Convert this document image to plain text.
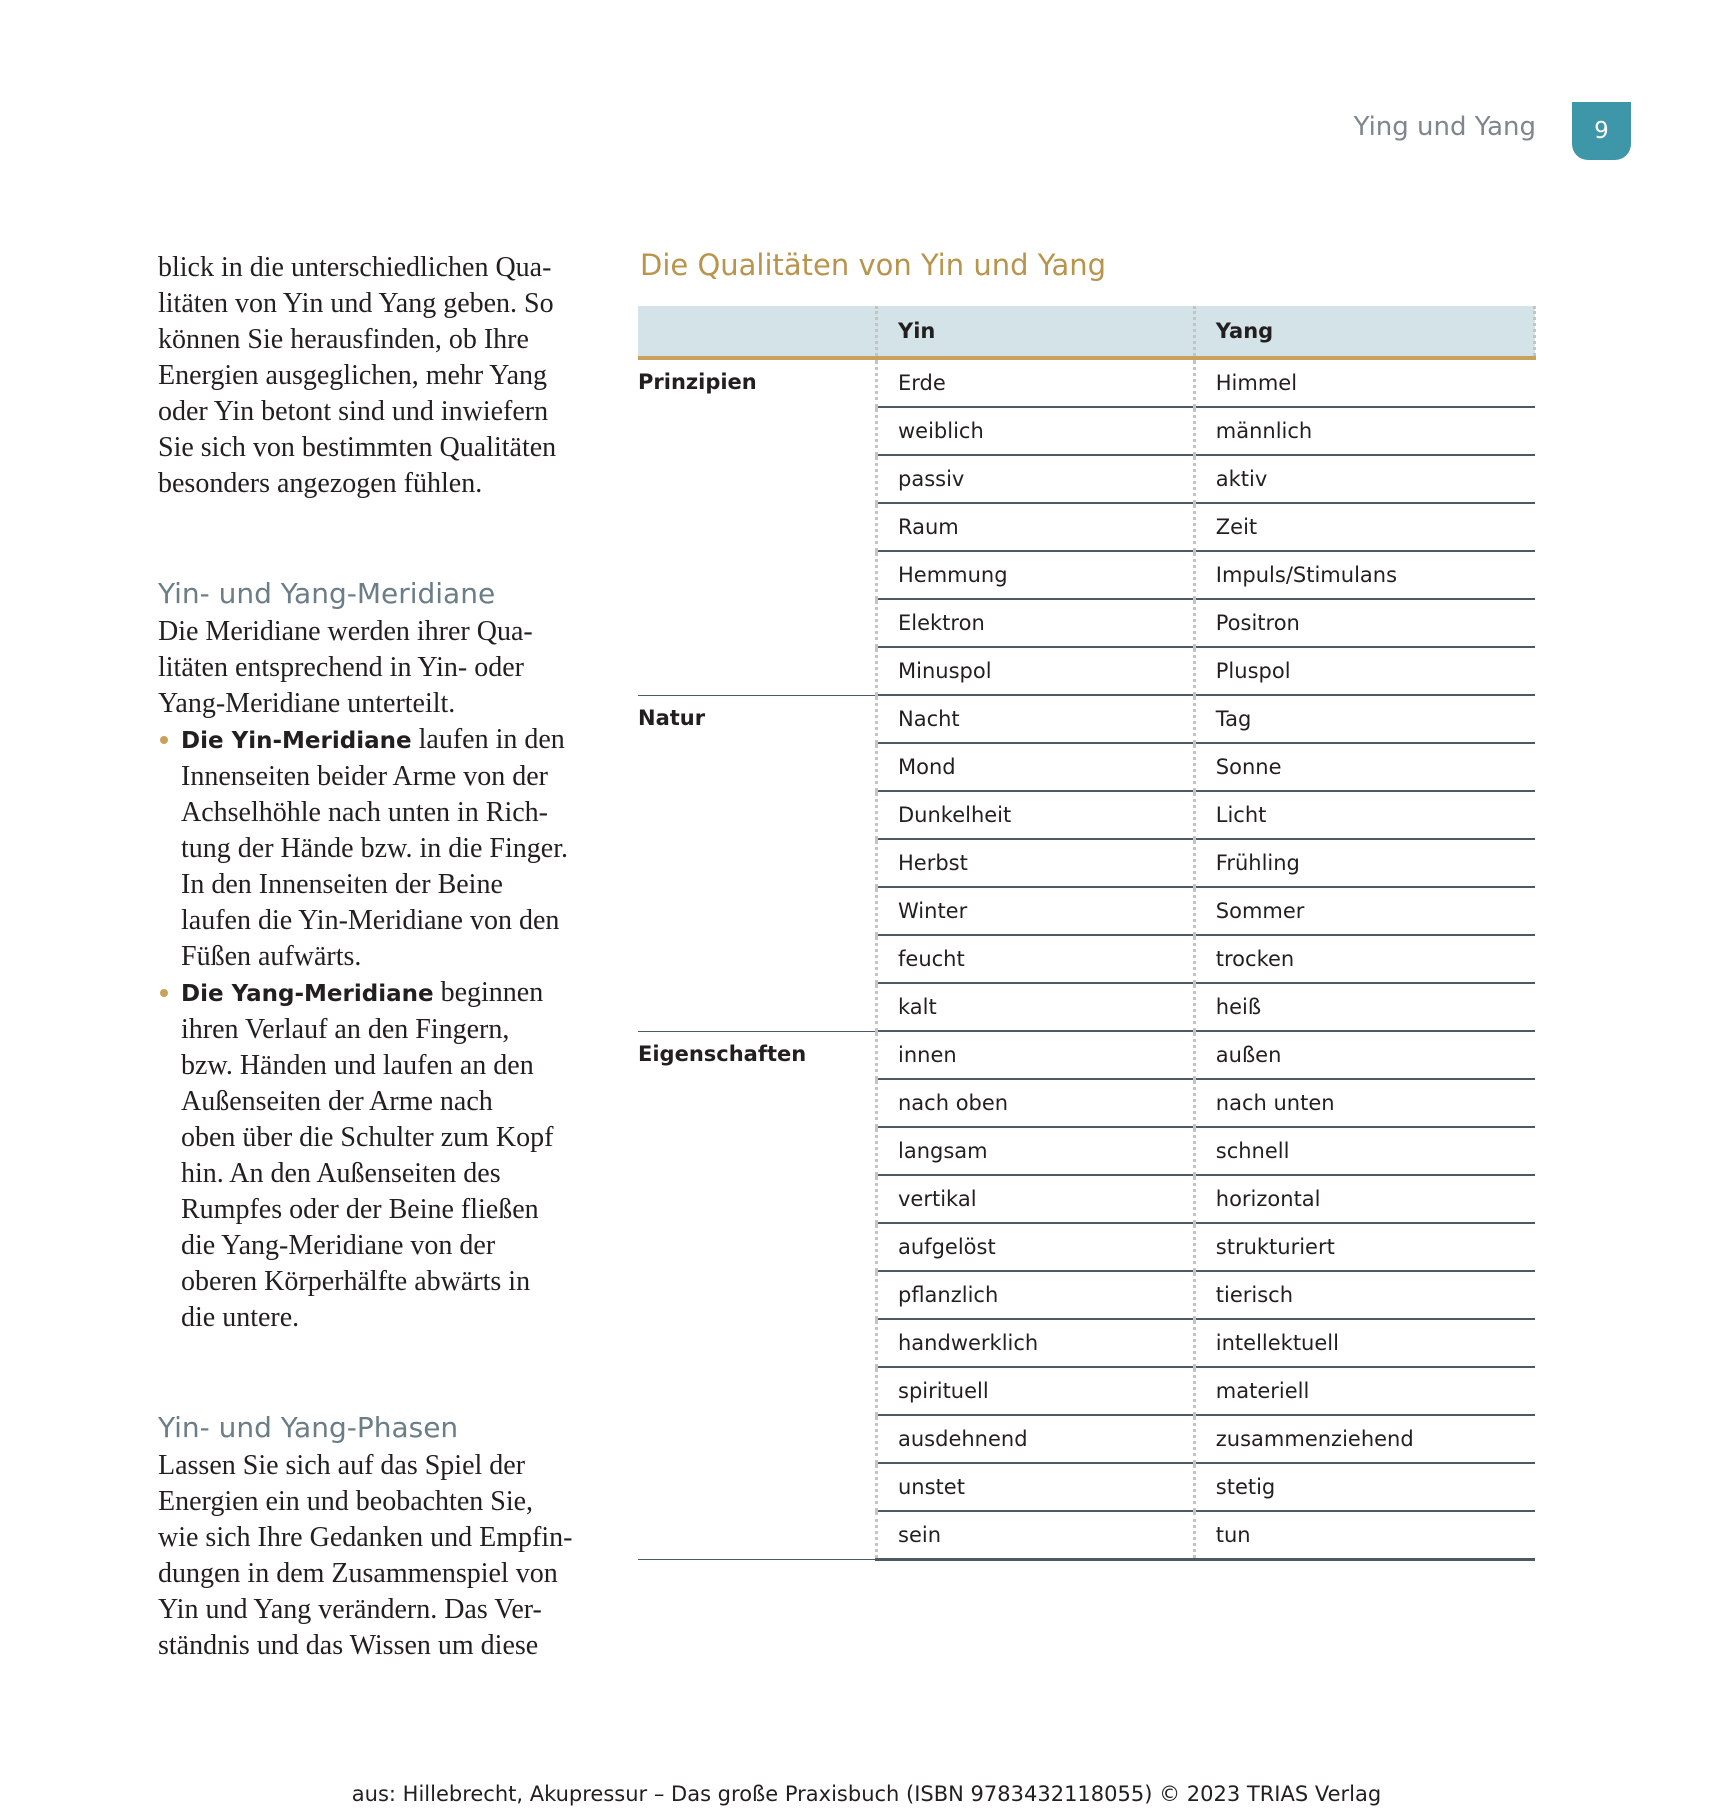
Ying und Yang	9

blick in die unterschiedlichen Qua-

litäten von Yin und Yang geben. So

können Sie herausfinden, ob Ihre

Energien ausgeglichen, mehr Yang

oder Yin betont sind und inwiefern

Sie sich von bestimmten Qualitäten

besonders angezogen fühlen.

Yin- und Yang-Meridiane

Die Meridiane werden ihrer Qua-

litäten entsprechend in Yin- oder

Yang-Meridiane unterteilt.

Die Yin-Meridiane laufen in den

Innenseiten beider Arme von der

Achselhöhle nach unten in Rich-

tung der Hände bzw. in die Finger.

In den Innenseiten der Beine

laufen die Yin-Meridiane von den

Füßen aufwärts.

Die Yang-Meridiane beginnen

ihren Verlauf an den Fingern,

bzw. Händen und laufen an den

Außenseiten der Arme nach

oben über die Schulter zum Kopf

hin. An den Außenseiten des

Rumpfes oder der Beine fließen

die Yang-Meridiane von der

oberen Körperhälfte abwärts in

die untere.

Yin- und Yang-Phasen

Lassen Sie sich auf das Spiel der

Energien ein und beobachten Sie,

wie sich Ihre Gedanken und Empfin-

dungen in dem Zusammenspiel von

Yin und Yang verändern. Das Ver-

ständnis und das Wissen um diese

Die Qualitäten von Yin und Yang
	Yin	Yang
Prinzipien	Erde	Himmel
	weiblich	männlich
	passiv	aktiv
	Raum	Zeit
	Hemmung	Impuls/Stimulans
	Elektron	Positron
	Minuspol	Pluspol
Natur	Nacht	Tag
	Mond	Sonne
	Dunkelheit	Licht
	Herbst	Frühling
	Winter	Sommer
	feucht	trocken
	kalt	heiß
Eigenschaften	innen	außen
	nach oben	nach unten
	langsam	schnell
	vertikal	horizontal
	aufgelöst	strukturiert
	pflanzlich	tierisch
	handwerklich	intellektuell
	spirituell	materiell
	ausdehnend	zusammenziehend
	unstet	stetig
	sein	tun
aus: Hillebrecht, Akupressur – Das große Praxisbuch (ISBN 9783432118055) © 2023 TRIAS Verlag
